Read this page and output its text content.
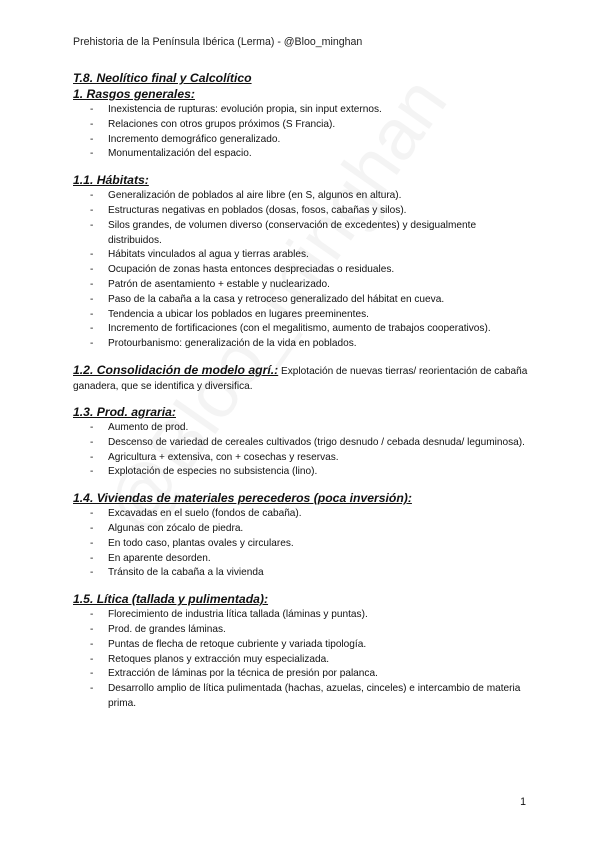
Prehistoria de la Península Ibérica (Lerma) - @Bloo_minghan
T.8. Neolítico final y Calcolítico
1. Rasgos generales:
- Inexistencia de rupturas: evolución propia, sin input externos.
- Relaciones con otros grupos próximos (S Francia).
- Incremento demográfico generalizado.
- Monumentalización del espacio.
1.1. Hábitats:
- Generalización de poblados al aire libre (en S, algunos en altura).
- Estructuras negativas en poblados (dosas, fosos, cabañas y silos).
- Silos grandes, de volumen diverso (conservación de excedentes) y desigualmente distribuidos.
- Hábitats vinculados al agua y tierras arables.
- Ocupación de zonas hasta entonces despreciadas o residuales.
- Patrón de asentamiento + estable y nuclearizado.
- Paso de la cabaña a la casa y retroceso generalizado del hábitat en cueva.
- Tendencia a ubicar los poblados en lugares preeminentes.
- Incremento de fortificaciones (con el megalitismo, aumento de trabajos cooperativos).
- Protourbanismo: generalización de la vida en poblados.
1.2. Consolidación de modelo agrí.: Explotación de nuevas tierras/ reorientación de cabaña ganadera, que se identifica y diversifica.
1.3. Prod. agraria:
- Aumento de prod.
- Descenso de variedad de cereales cultivados (trigo desnudo / cebada desnuda/ leguminosa).
- Agricultura + extensiva, con + cosechas y reservas.
- Explotación de especies no subsistencia (lino).
1.4. Viviendas de materiales perecederos (poca inversión):
- Excavadas en el suelo (fondos de cabaña).
- Algunas con zócalo de piedra.
- En todo caso, plantas ovales y circulares.
- En aparente desorden.
- Tránsito de la cabaña a la vivienda
1.5. Lítica (tallada y pulimentada):
- Florecimiento de industria lítica tallada (láminas y puntas).
- Prod. de grandes láminas.
- Puntas de flecha de retoque cubriente y variada tipología.
- Retoques planos y extracción muy especializada.
- Extracción de láminas por la técnica de presión por palanca.
- Desarrollo amplio de lítica pulimentada (hachas, azuelas, cinceles) e intercambio de materia prima.
1
